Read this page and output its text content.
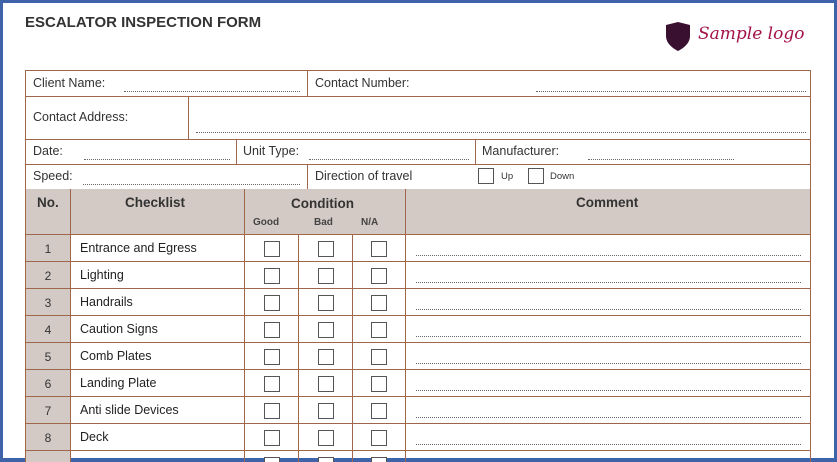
ESCALATOR INSPECTION FORM
Sample logo
Client Name:	Contact Number:
Contact Address:
Date:	Unit Type:	Manufacturer:
Speed:	Direction of travel	Up	Down
No.	Checklist	Condition	Comment
Good	Bad	N/A
1	Entrance and Egress
2	Lighting
3	Handrails
4	Caution Signs
5	Comb Plates
6	Landing Plate
7	Anti slide Devices
8	Deck
